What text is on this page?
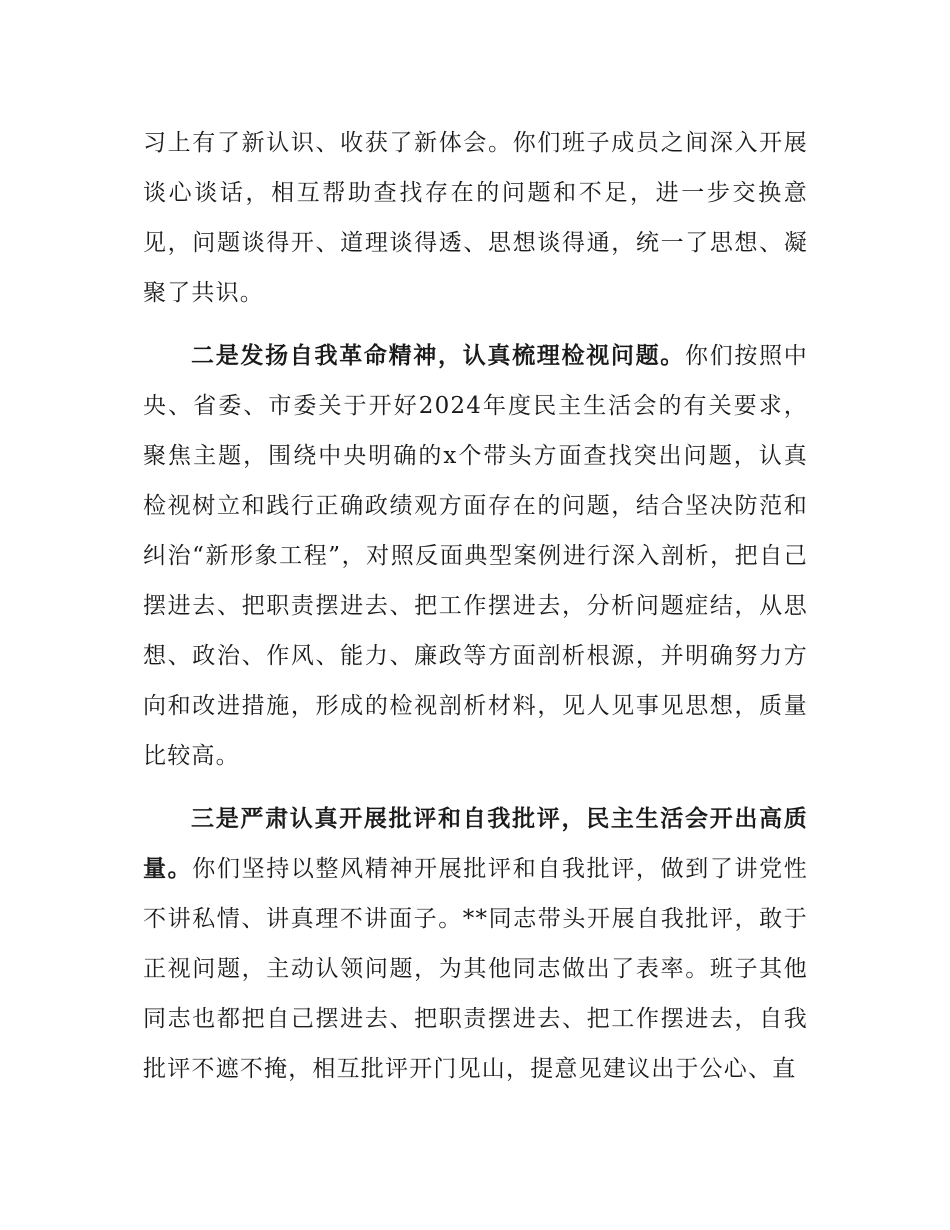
习上有了新认识、收获了新体会。你们班子成员之间深入开展谈心谈话，相互帮助查找存在的问题和不足，进一步交换意见，问题谈得开、道理谈得透、思想谈得通，统一了思想、凝聚了共识。

二是发扬自我革命精神，认真梳理检视问题。你们按照中央、省委、市委关于开好2024年度民主生活会的有关要求，聚焦主题，围绕中央明确的x个带头方面查找突出问题，认真检视树立和践行正确政绩观方面存在的问题，结合坚决防范和纠治“新形象工程”，对照反面典型案例进行深入剖析，把自己摆进去、把职责摆进去、把工作摆进去，分析问题症结，从思想、政治、作风、能力、廉政等方面剖析根源，并明确努力方向和改进措施，形成的检视剖析材料，见人见事见思想，质量比较高。

三是严肃认真开展批评和自我批评，民主生活会开出高质量。你们坚持以整风精神开展批评和自我批评，做到了讲党性不讲私情、讲真理不讲面子。**同志带头开展自我批评，敢于正视问题，主动认领问题，为其他同志做出了表率。班子其他同志也都把自己摆进去、把职责摆进去、把工作摆进去，自我批评不遮不掩，相互批评开门见山，提意见建议出于公心、直
